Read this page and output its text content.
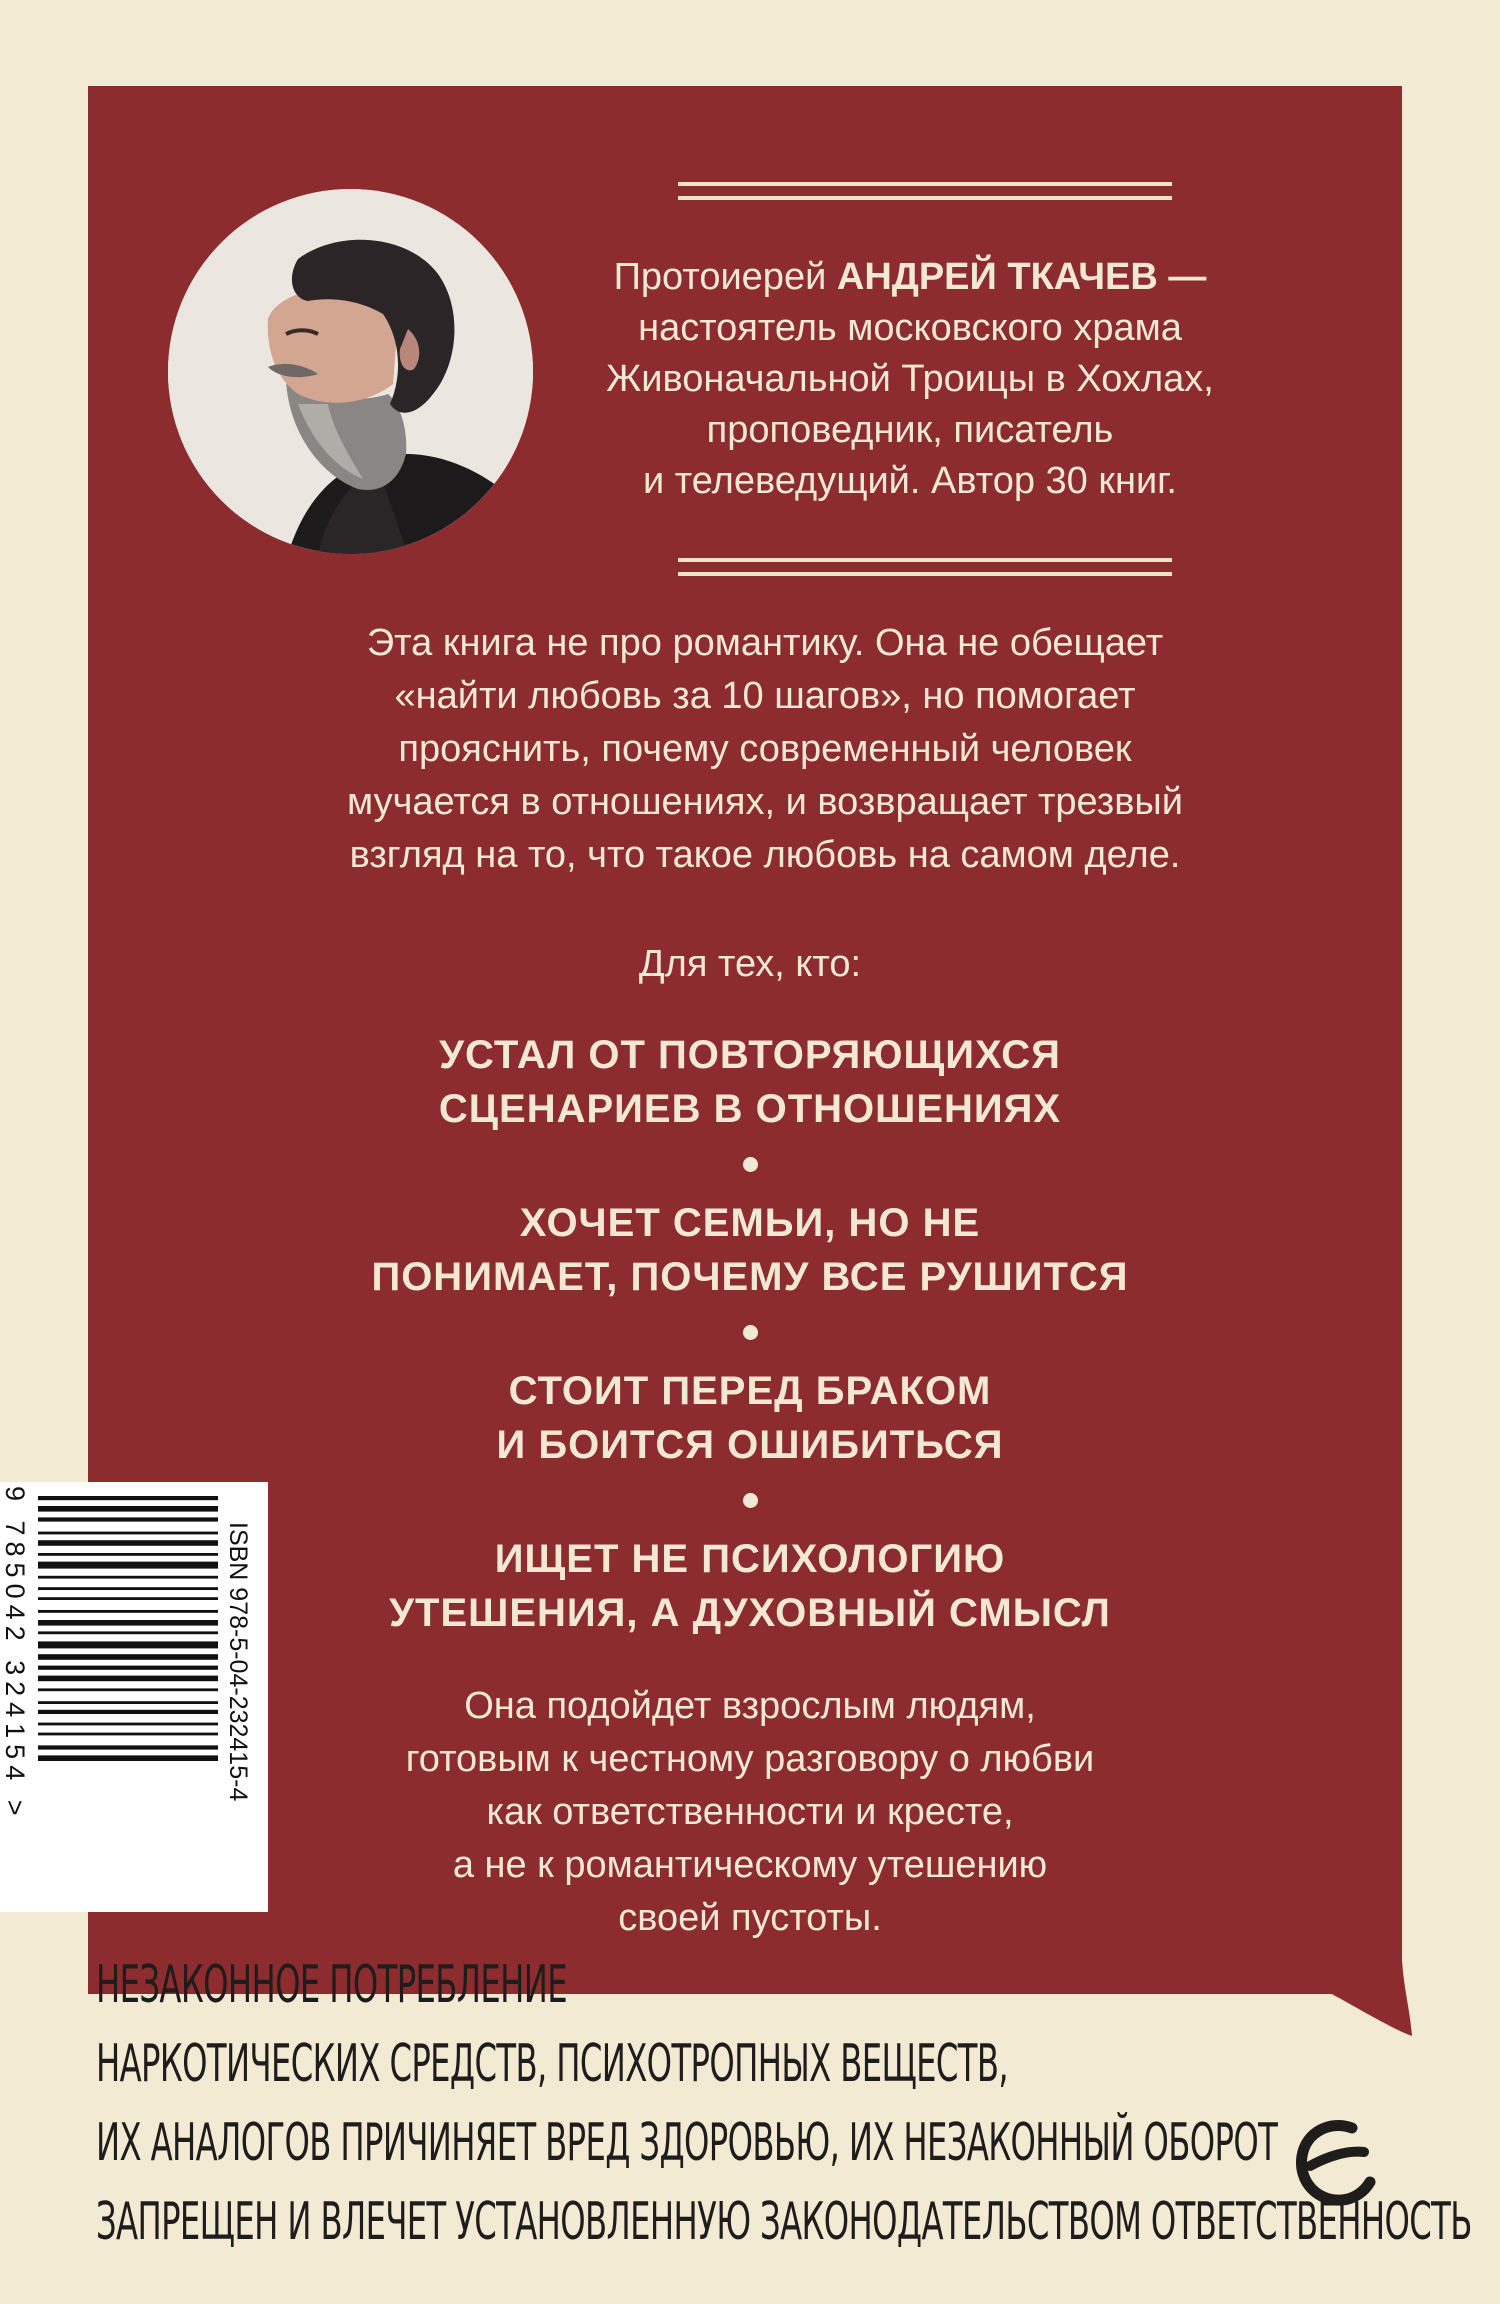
Протоиерей АНДРЕЙ ТКАЧЕВ —
настоятель московского храма
Живоначальной Троицы в Хохлах,
проповедник, писатель
и телеведущий. Автор 30 книг.
Эта книга не про романтику. Она не обещает
«найти любовь за 10 шагов», но помогает
прояснить, почему современный человек
мучается в отношениях, и возвращает трезвый
взгляд на то, что такое любовь на самом деле.
Для тех, кто:
УСТАЛ ОТ ПОВТОРЯЮЩИХСЯ
СЦЕНАРИЕВ В ОТНОШЕНИЯХ
ХОЧЕТ СЕМЬИ, НО НЕ
ПОНИМАЕТ, ПОЧЕМУ ВСЕ РУШИТСЯ
СТОИТ ПЕРЕД БРАКОМ
И БОИТСЯ ОШИБИТЬСЯ
ИЩЕТ НЕ ПСИХОЛОГИЮ
УТЕШЕНИЯ, А ДУХОВНЫЙ СМЫСЛ
Она подойдет взрослым людям,
готовым к честному разговору о любви
как ответственности и кресте,
а не к романтическому утешению
своей пустоты.
ISBN 978-5-04-232415-4
9 785042 324154 >
НЕЗАКОННОЕ ПОТРЕБЛЕНИЕ
НАРКОТИЧЕСКИХ СРЕДСТВ, ПСИХОТРОПНЫХ ВЕЩЕСТВ,
ИХ АНАЛОГОВ ПРИЧИНЯЕТ ВРЕД ЗДОРОВЬЮ, ИХ НЕЗАКОННЫЙ ОБОРОТ
ЗАПРЕЩЕН И ВЛЕЧЕТ УСТАНОВЛЕННУЮ ЗАКОНОДАТЕЛЬСТВОМ ОТВЕТСТВЕННОСТЬ
